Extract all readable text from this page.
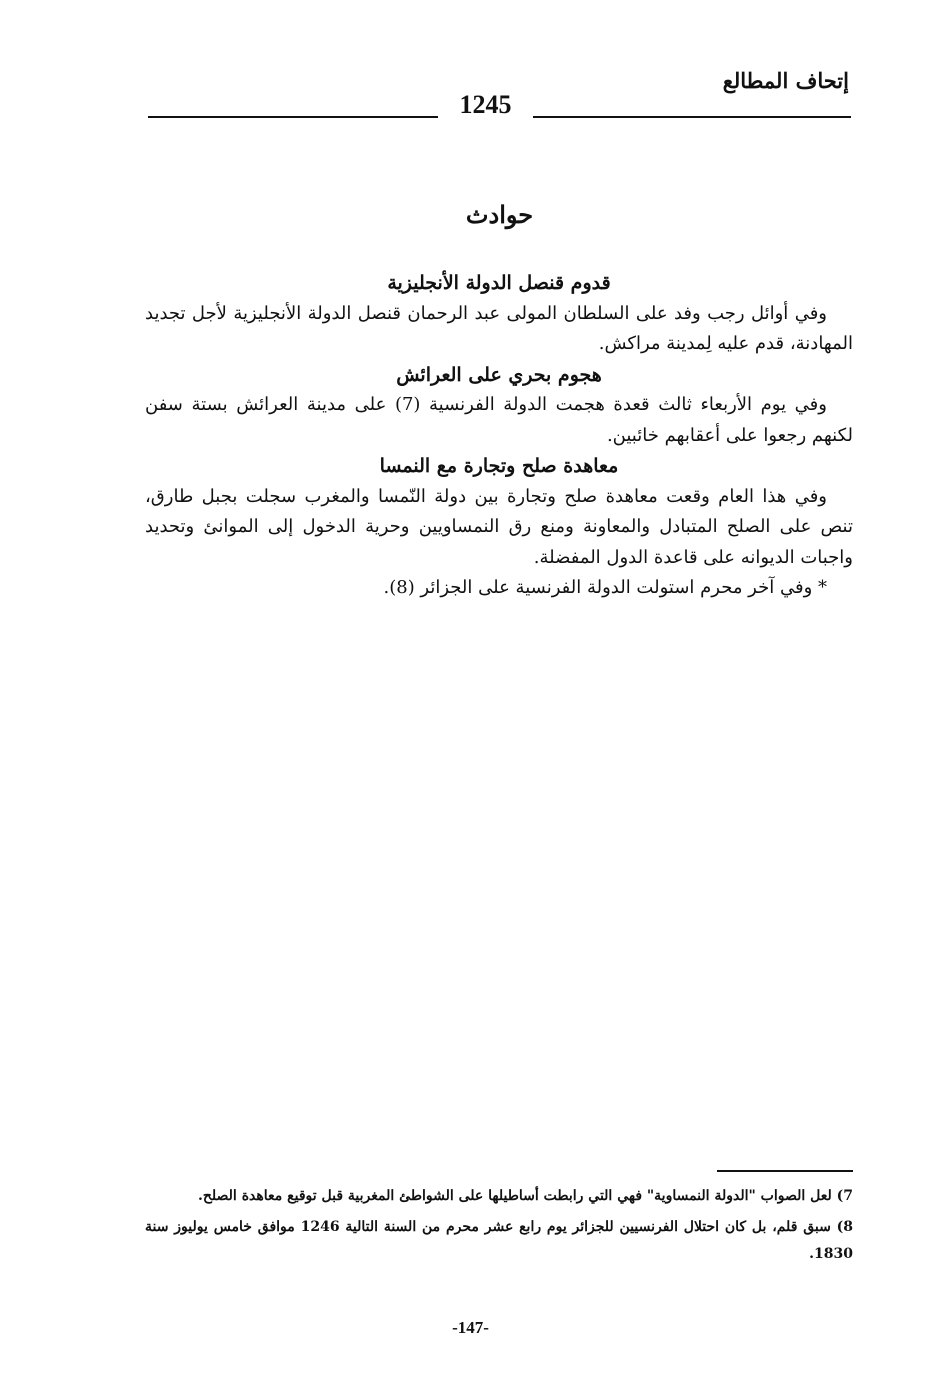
إتحاف المطالع
1245
حوادث

قدوم قنصل الدولة الأنجليزية

وفي أوائل رجب وفد على السلطان المولى عبد الرحمان قنصل الدولة الأنجليزية لأجل تجديد المهادنة، قدم عليه لِمدينة مراكش.

هجوم بحري على العرائش

وفي يوم الأربعاء ثالث قعدة هجمت الدولة الفرنسية (7) على مدينة العرائش بستة سفن لكنهم رجعوا على أعقابهم خائبين.

معاهدة صلح وتجارة مع النمسا

وفي هذا العام وقعت معاهدة صلح وتجارة بين دولة النّمسا والمغرب سجلت بجبل طارق، تنص على الصلح المتبادل والمعاونة ومنع رق النمساويين وحرية الدخول إلى الموانئ وتحديد واجبات الديوانه على قاعدة الدول المفضلة.

* وفي آخر محرم استولت الدولة الفرنسية على الجزائر (8).

7) لعل الصواب "الدولة النمساوية" فهي التي رابطت أساطيلها على الشواطئ المغربية قبل توقيع معاهدة الصلح.

8) سبق قلم، بل كان احتلال الفرنسيين للجزائر يوم رابع عشر محرم من السنة التالية 1246 موافق خامس يوليوز سنة 1830.

-147-
